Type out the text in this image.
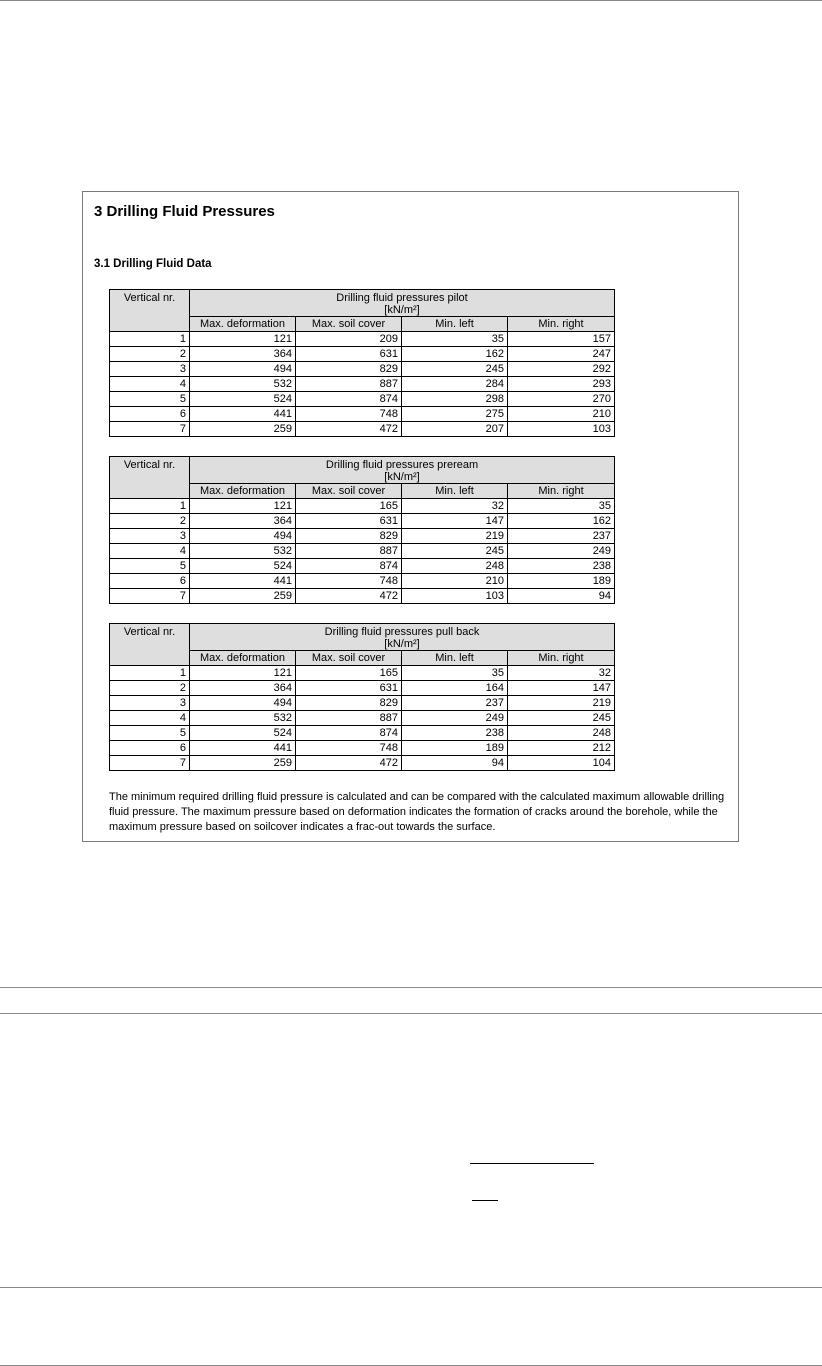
3 Drilling Fluid Pressures
3.1 Drilling Fluid Data
Vertical nr.	Drilling fluid pressures pilot
[kN/m²]			

	Max. deformation	Max. soil cover	Min. left	Min. right
1	121	209	35	157
2	364	631	162	247
3	494	829	245	292
4	532	887	284	293
5	524	874	298	270
6	441	748	275	210
7	259	472	207	103
Vertical nr.	Drilling fluid pressures preream
[kN/m²]			

	Max. deformation	Max. soil cover	Min. left	Min. right
1	121	165	32	35
2	364	631	147	162
3	494	829	219	237
4	532	887	245	249
5	524	874	248	238
6	441	748	210	189
7	259	472	103	94
Vertical nr.	Drilling fluid pressures pull back
[kN/m²]			

	Max. deformation	Max. soil cover	Min. left	Min. right
1	121	165	35	32
2	364	631	164	147
3	494	829	237	219
4	532	887	249	245
5	524	874	238	248
6	441	748	189	212
7	259	472	94	104

The minimum required drilling fluid pressure is calculated and can be compared with the calculated maximum allowable drilling fluid pressure. The maximum pressure based on deformation indicates the formation of cracks around the borehole, while the maximum pressure based on soilcover indicates a frac-out towards the surface.
